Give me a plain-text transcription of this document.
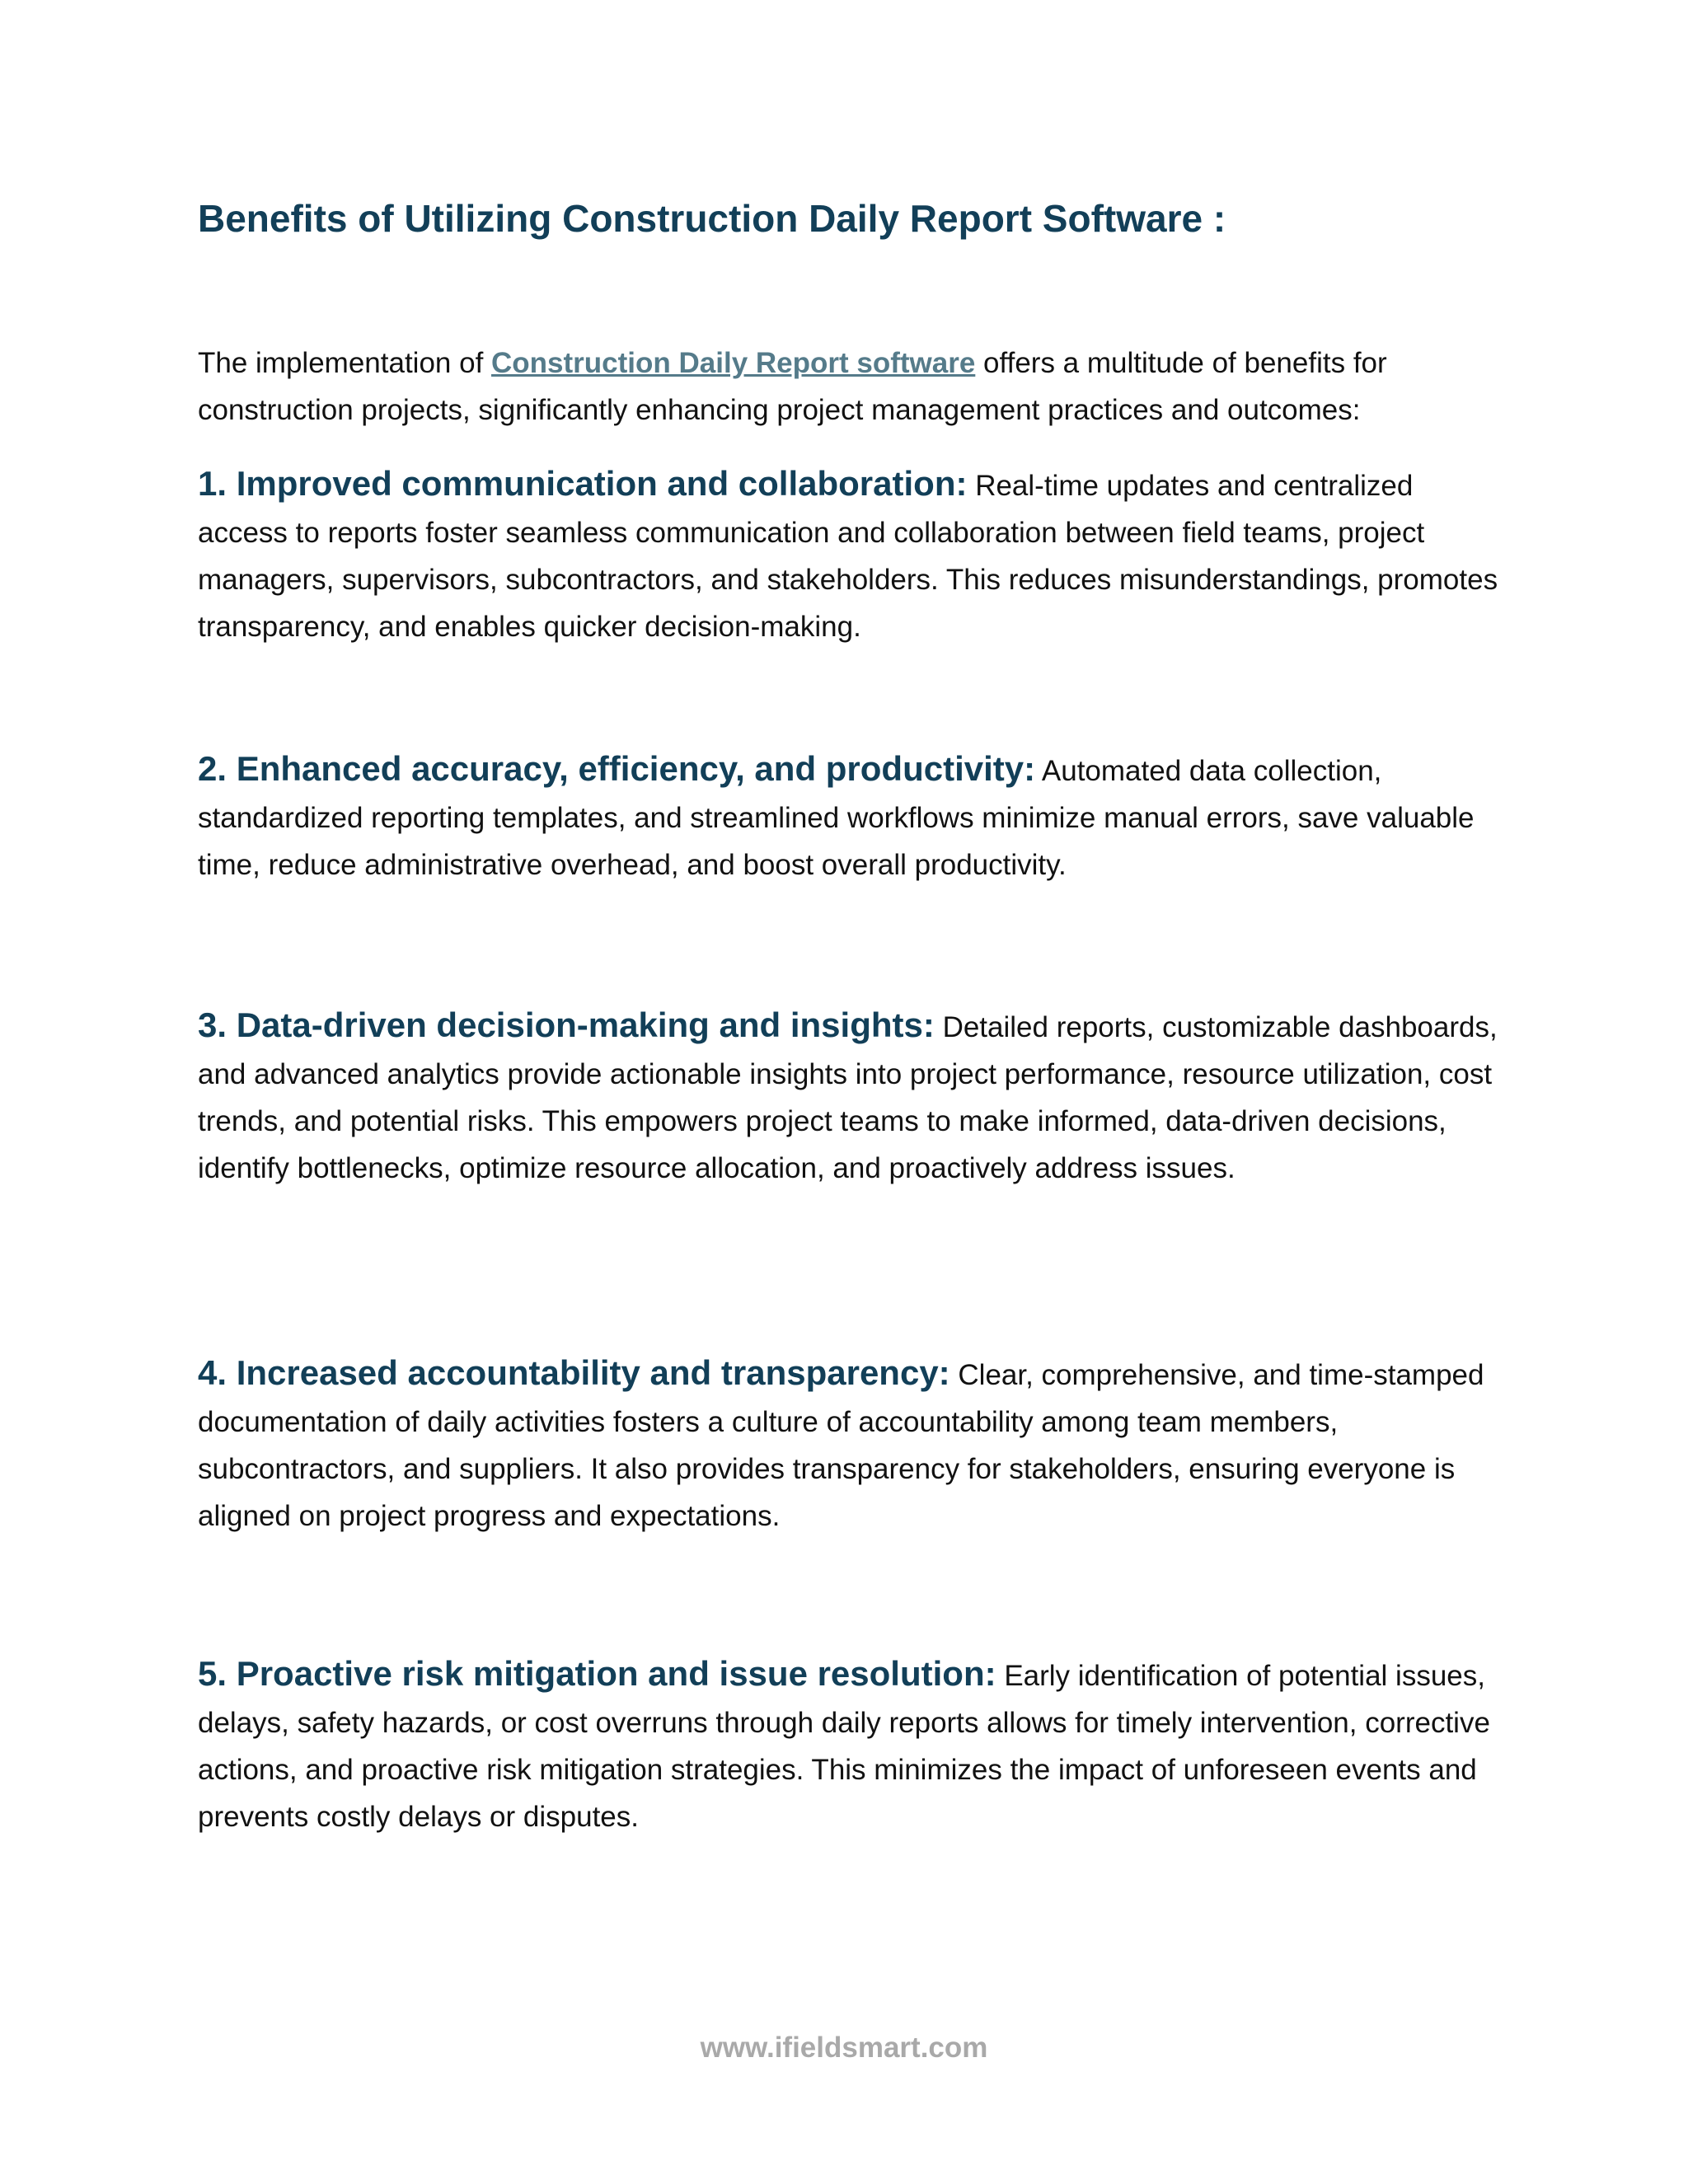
Benefits of Utilizing Construction Daily Report Software :

The implementation of Construction Daily Report software offers a multitude of benefits for construction projects, significantly enhancing project management practices and outcomes:

1. Improved communication and collaboration: Real-time updates and centralized access to reports foster seamless communication and collaboration between field teams, project managers, supervisors, subcontractors, and stakeholders. This reduces misunderstandings, promotes transparency, and enables quicker decision-making.

2. Enhanced accuracy, efficiency, and productivity: Automated data collection, standardized reporting templates, and streamlined workflows minimize manual errors, save valuable time, reduce administrative overhead, and boost overall productivity.

3. Data-driven decision-making and insights: Detailed reports, customizable dashboards, and advanced analytics provide actionable insights into project performance, resource utilization, cost trends, and potential risks. This empowers project teams to make informed, data-driven decisions, identify bottlenecks, optimize resource allocation, and proactively address issues.

4. Increased accountability and transparency: Clear, comprehensive, and time-stamped documentation of daily activities fosters a culture of accountability among team members, subcontractors, and suppliers. It also provides transparency for stakeholders, ensuring everyone is aligned on project progress and expectations.

5. Proactive risk mitigation and issue resolution: Early identification of potential issues, delays, safety hazards, or cost overruns through daily reports allows for timely intervention, corrective actions, and proactive risk mitigation strategies. This minimizes the impact of unforeseen events and prevents costly delays or disputes.

www.ifieldsmart.com
